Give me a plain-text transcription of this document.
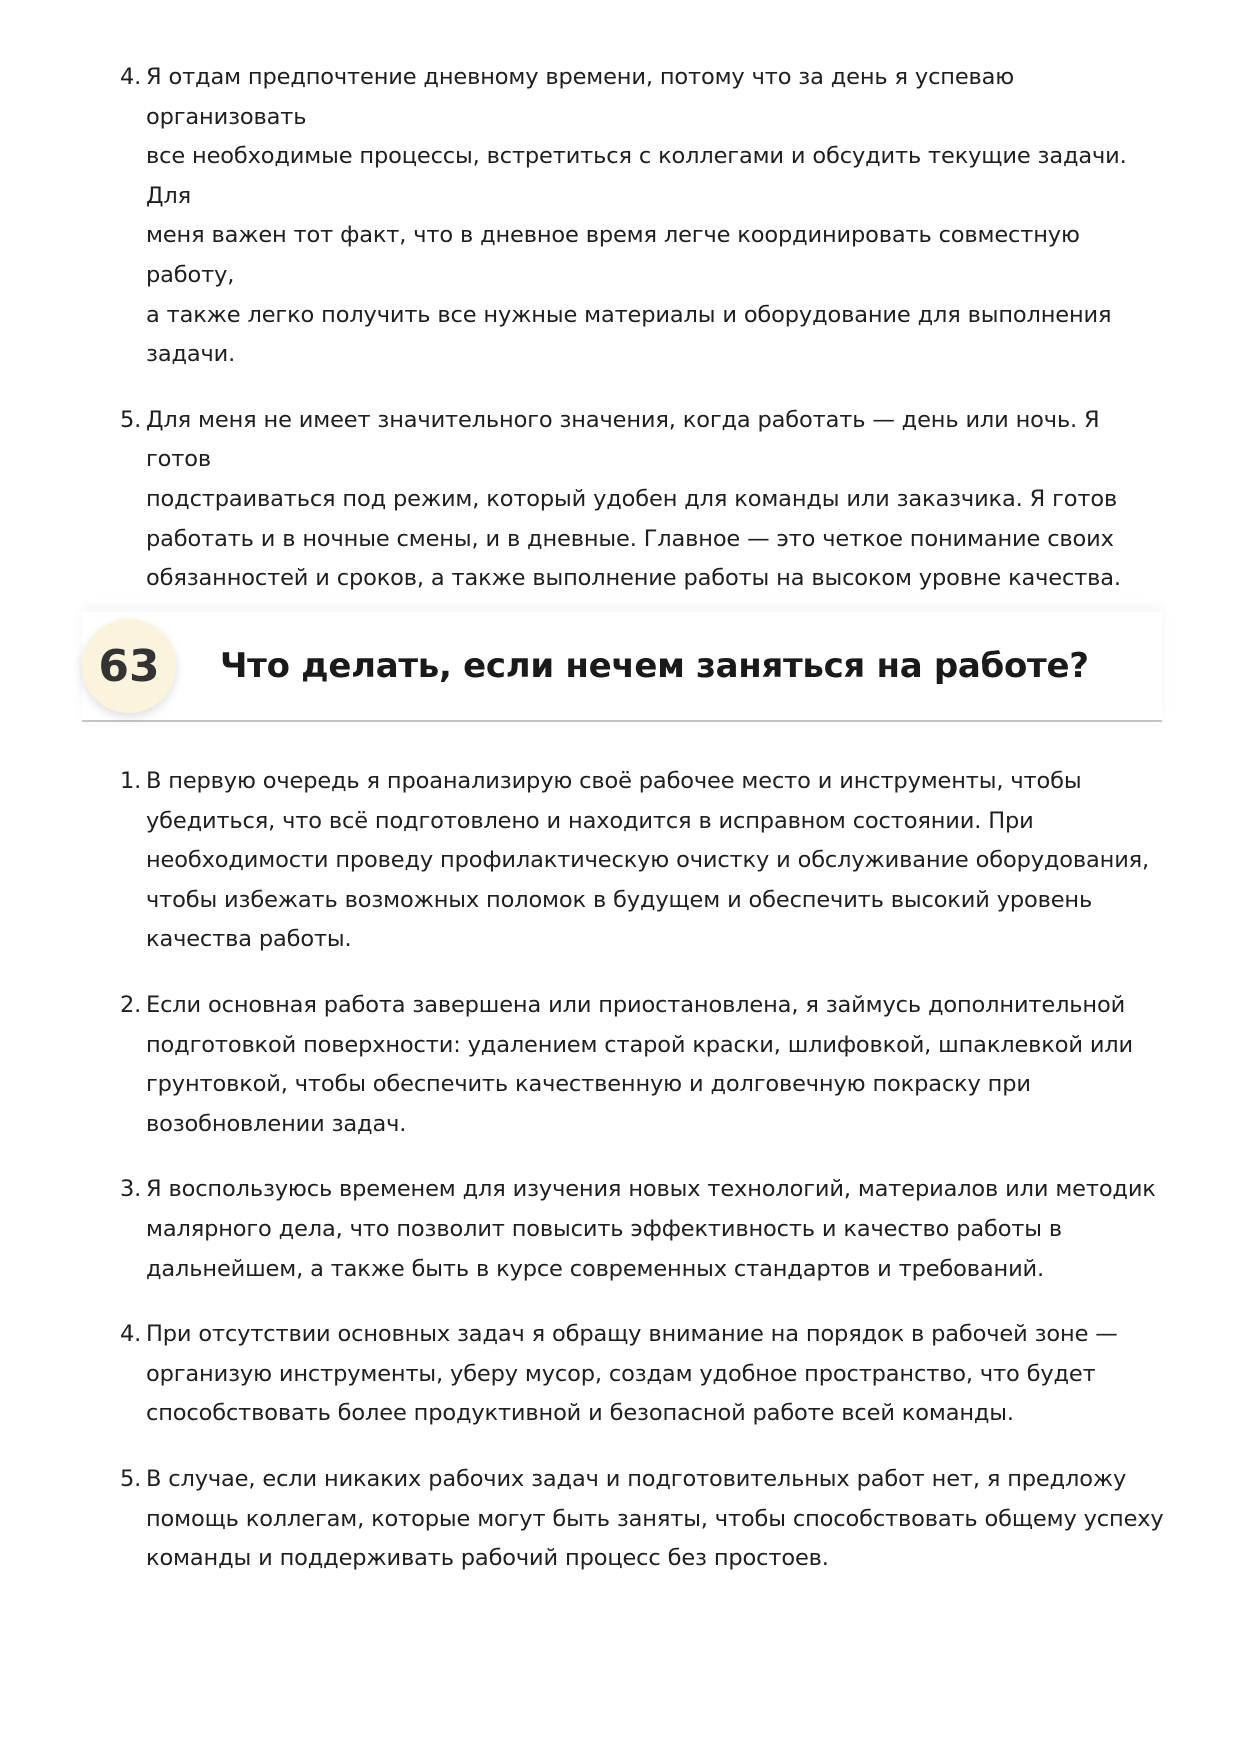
4 . Я отдам предпочтение дневному времени, потому что за день я успеваю организовать
все необходимые процессы, встретиться с коллегами и обсудить текущие задачи. Для
меня важен тот факт, что в дневное время легче координировать совместную работу,
а также легко получить все нужные материалы и оборудование для выполнения
задачи.
5 . Для меня не имеет значительного значения, когда работать — день или ночь. Я готов
подстраиваться под режим, который удобен для команды или заказчика. Я готов
работать и в ночные смены, и в дневные. Главное — это четкое понимание своих
обязанностей и сроков, а также выполнение работы на высоком уровне качества.
63	Что делать, если нечем заняться на работе?
1 . В первую очередь я проанализирую своё рабочее место и инструменты, чтобы
убедиться, что всё подготовлено и находится в исправном состоянии. При
необходимости проведу профилактическую очистку и обслуживание оборудования,
чтобы избежать возможных поломок в будущем и обеспечить высокий уровень
качества работы.
2 . Если основная работа завершена или приостановлена, я займусь дополнительной
подготовкой поверхности: удалением старой краски, шлифовкой, шпаклевкой или
грунтовкой, чтобы обеспечить качественную и долговечную покраску при
возобновлении задач.
3 . Я воспользуюсь временем для изучения новых технологий, материалов или методик
малярного дела, что позволит повысить эффективность и качество работы в
дальнейшем, а также быть в курсе современных стандартов и требований.
4 . При отсутствии основных задач я обращу внимание на порядок в рабочей зоне —
организую инструменты, уберу мусор, создам удобное пространство, что будет
способствовать более продуктивной и безопасной работе всей команды.
5 . В случае, если никаких рабочих задач и подготовительных работ нет, я предложу
помощь коллегам, которые могут быть заняты, чтобы способствовать общему успеху
команды и поддерживать рабочий процесс без простоев.
